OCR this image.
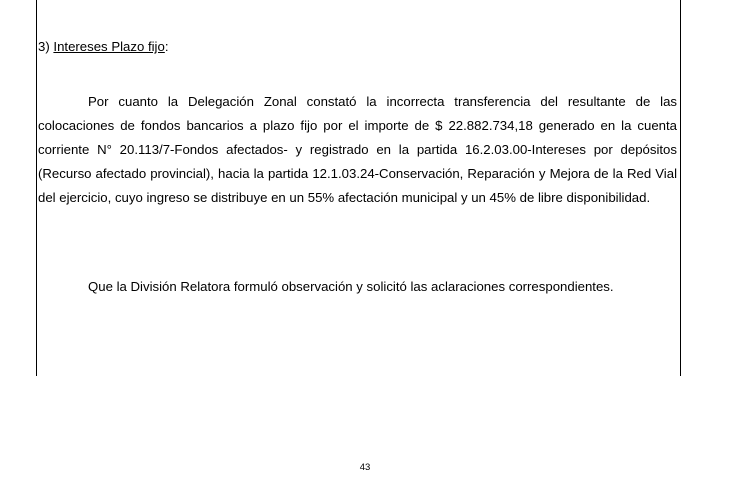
3) Intereses Plazo fijo:

Por cuanto la Delegación Zonal constató la incorrecta transferencia del resultante de las colocaciones de fondos bancarios a plazo fijo por el importe de $ 22.882.734,18 generado en la cuenta corriente N° 20.113/7-Fondos afectados- y registrado en la partida 16.2.03.00-Intereses por depósitos (Recurso afectado provincial), hacia la partida 12.1.03.24-Conservación, Reparación y Mejora de la Red Vial del ejercicio, cuyo ingreso se distribuye en un 55% afectación municipal y un 45% de libre disponibilidad.

Que la División Relatora formuló observación y solicitó las aclaraciones correspondientes.

43
